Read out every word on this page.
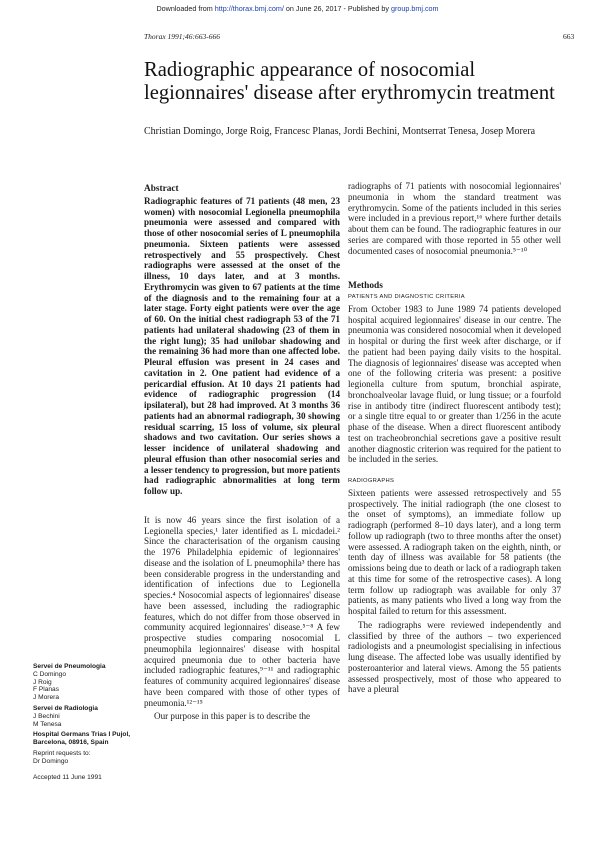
Downloaded from http://thorax.bmj.com/ on June 26, 2017 - Published by group.bmj.com
Thorax 1991;46:663-666	663
Radiographic appearance of nosocomial legionnaires' disease after erythromycin treatment
Christian Domingo, Jorge Roig, Francesc Planas, Jordi Bechini, Montserrat Tenesa, Josep Morera

Abstract

Radiographic features of 71 patients (48 men, 23 women) with nosocomial Legionella pneumophila pneumonia were assessed and compared with those of other nosocomial series of L pneumophila pneumonia. Sixteen patients were assessed retrospectively and 55 prospectively. Chest radiographs were assessed at the onset of the illness, 10 days later, and at 3 months. Erythromycin was given to 67 patients at the time of the diagnosis and to the remaining four at a later stage. Forty eight patients were over the age of 60. On the initial chest radiograph 53 of the 71 patients had unilateral shadowing (23 of them in the right lung); 35 had unilobar shadowing and the remaining 36 had more than one affected lobe. Pleural effusion was present in 24 cases and cavitation in 2. One patient had evidence of a pericardial effusion. At 10 days 21 patients had evidence of radiographic progression (14 ipsilateral), but 28 had improved. At 3 months 36 patients had an abnormal radiograph, 30 showing residual scarring, 15 loss of volume, six pleural shadows and two cavitation. Our series shows a lesser incidence of unilateral shadowing and pleural effusion than other nosocomial series and a lesser tendency to progression, but more patients had radiographic abnormalities at long term follow up.

It is now 46 years since the first isolation of a Legionella species,¹ later identified as L micdadei.² Since the characterisation of the organism causing the 1976 Philadelphia epidemic of legionnaires' disease and the isolation of L pneumophila³ there has been considerable progress in the understanding and identification of infections due to Legionella species.⁴ Nosocomial aspects of legionnaires' disease have been assessed, including the radiographic features, which do not differ from those observed in community acquired legionnaires' disease.⁵⁻⁸ A few prospective studies comparing nosocomial L pneumophila legionnaires' disease with hospital acquired pneumonia due to other bacteria have included radiographic features,⁹⁻¹¹ and radiographic features of community acquired legionnaires' disease have been compared with those of other types of pneumonia.¹²⁻¹⁵

Our purpose in this paper is to describe the

radiographs of 71 patients with nosocomial legionnaires' pneumonia in whom the standard treatment was erythromycin. Some of the patients included in this series were included in a previous report,¹⁶ where further details about them can be found. The radiographic features in our series are compared with those reported in 55 other well documented cases of nosocomial pneumonia.⁵⁻¹⁰

Methods

PATIENTS AND DIAGNOSTIC CRITERIA

From October 1983 to June 1989 74 patients developed hospital acquired legionnaires' disease in our centre. The pneumonia was considered nosocomial when it developed in hospital or during the first week after discharge, or if the patient had been paying daily visits to the hospital. The diagnosis of legionnaires' disease was accepted when one of the following criteria was present: a positive legionella culture from sputum, bronchial aspirate, bronchoalveolar lavage fluid, or lung tissue; or a fourfold rise in antibody titre (indirect fluorescent antibody test); or a single titre equal to or greater than 1/256 in the acute phase of the disease. When a direct fluorescent antibody test on tracheobronchial secretions gave a positive result another diagnostic criterion was required for the patient to be included in the series.

RADIOGRAPHS

Sixteen patients were assessed retrospectively and 55 prospectively. The initial radiograph (the one closest to the onset of symptoms), an immediate follow up radiograph (performed 8–10 days later), and a long term follow up radiograph (two to three months after the onset) were assessed. A radiograph taken on the eighth, ninth, or tenth day of illness was available for 58 patients (the omissions being due to death or lack of a radiograph taken at this time for some of the retrospective cases). A long term follow up radiograph was available for only 37 patients, as many patients who lived a long way from the hospital failed to return for this assessment.

The radiographs were reviewed independently and classified by three of the authors – two experienced radiologists and a pneumologist specialising in infectious lung disease. The affected lobe was usually identified by posteroanterior and lateral views. Among the 55 patients assessed prospectively, most of those who appeared to have a pleural

Servei de Pneumologia
C Domingo
J Roig
F Planas
J Morera
Servei de Radiologia
J Bechini
M Tenesa
Hospital Germans Trias I Pujol, Barcelona, 08916, Spain
Reprint requests to:
Dr Domingo
Accepted 11 June 1991
